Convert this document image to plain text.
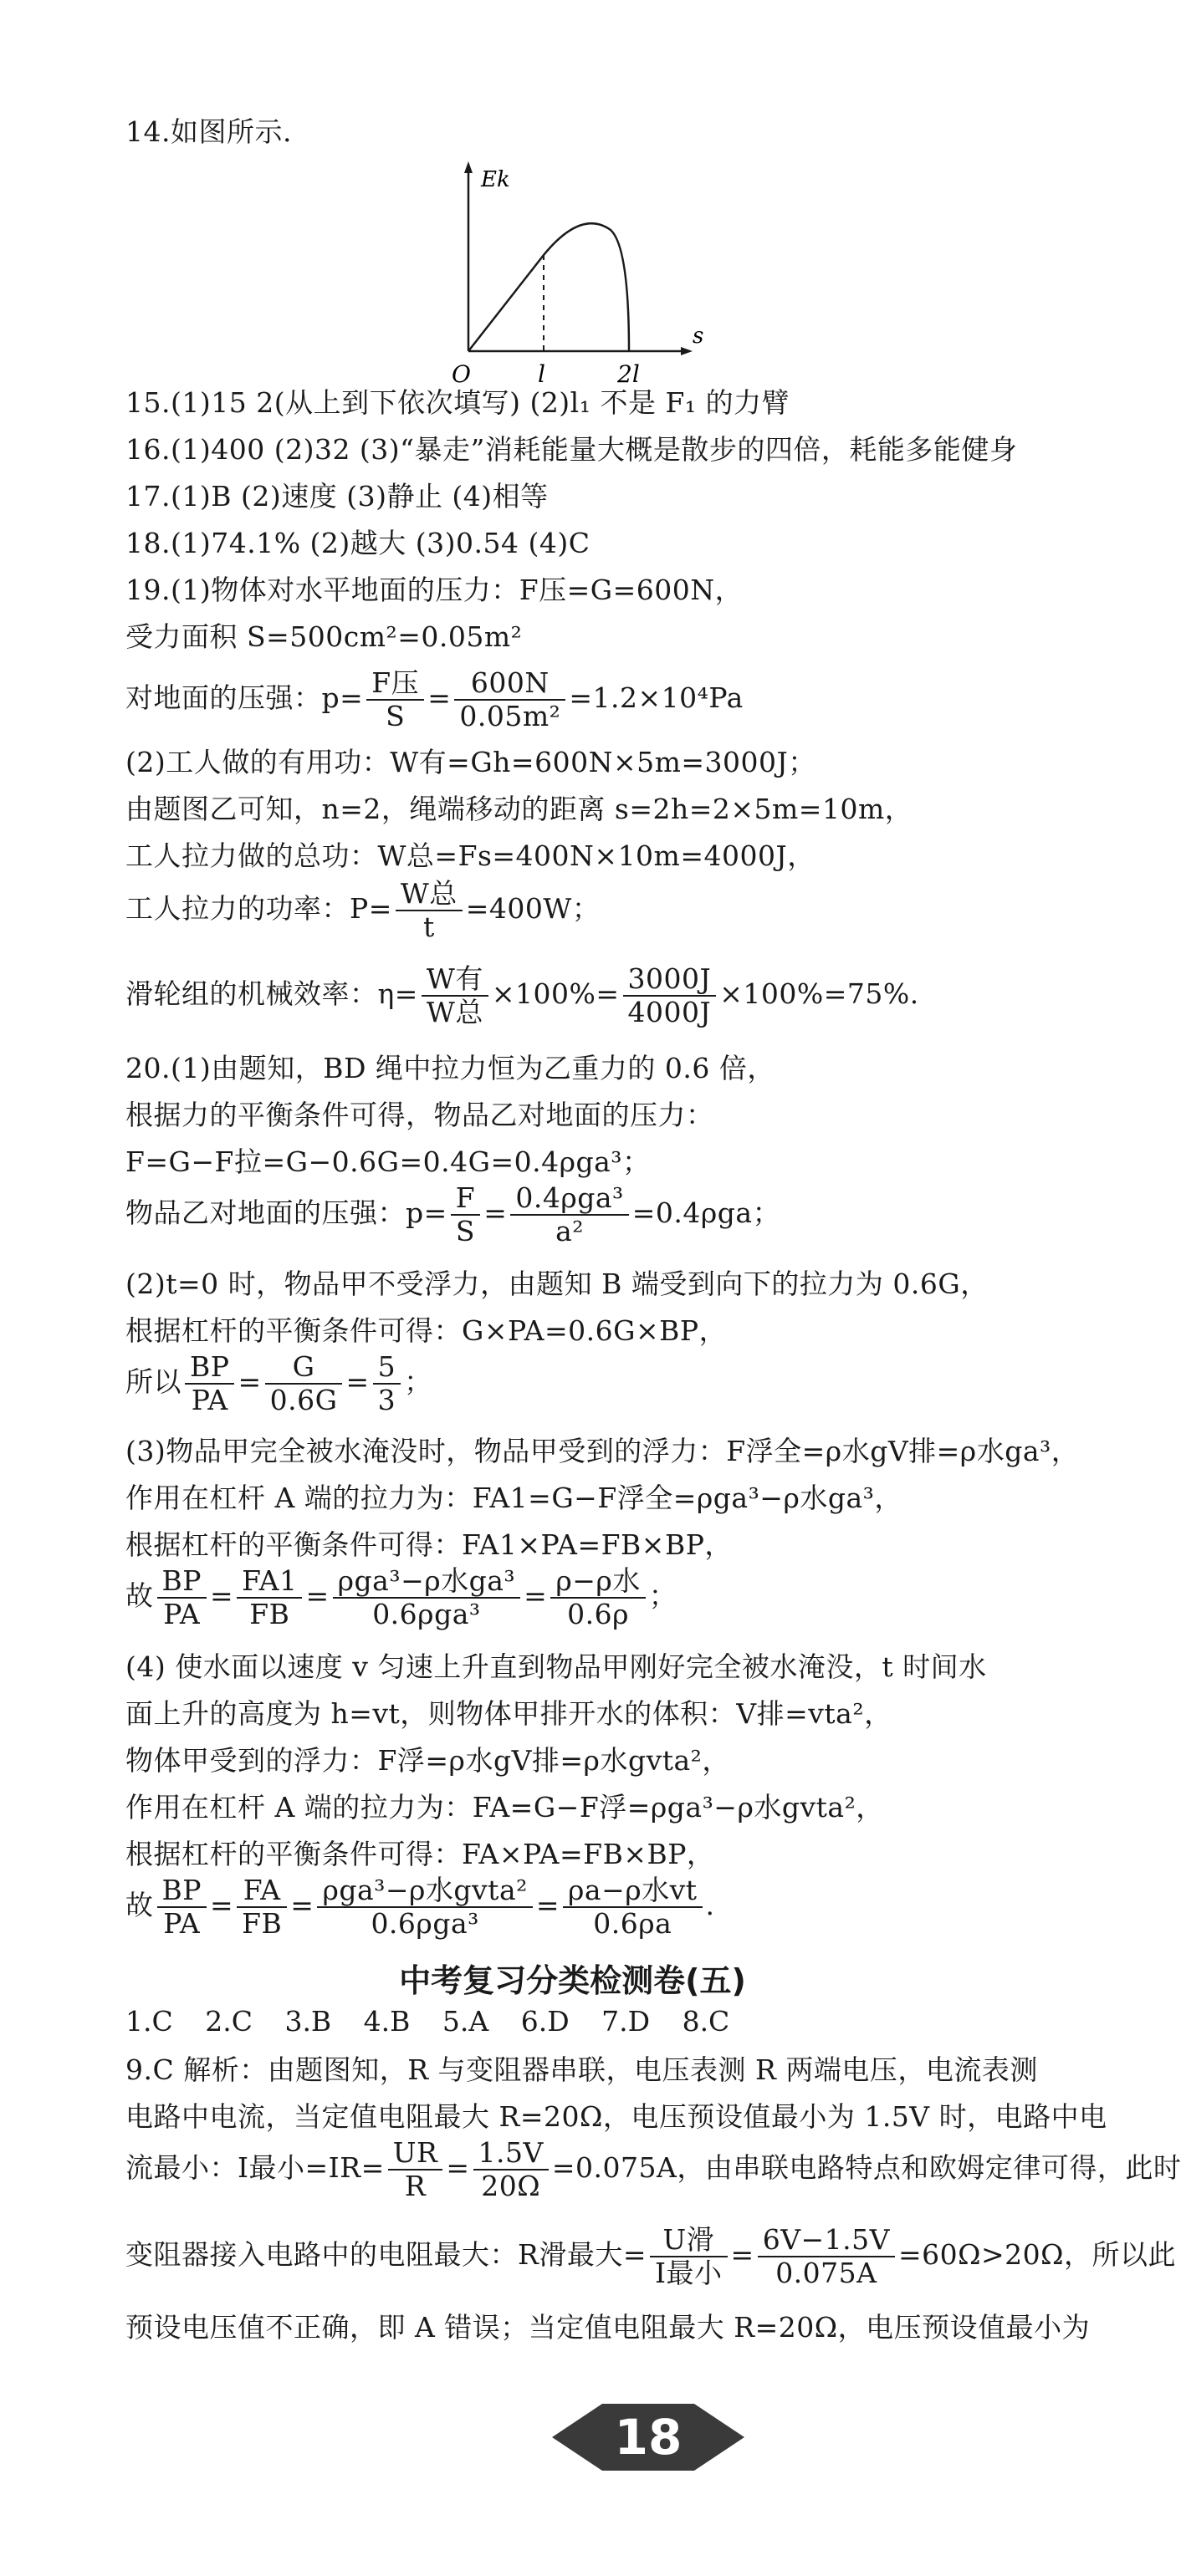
14.如图所示.
Ek
s
O	l	2l
15.(1)15 2(从上到下依次填写) (2)l₁ 不是 F₁ 的力臂
16.(1)400 (2)32 (3)“暴走”消耗能量大概是散步的四倍，耗能多能健身
17.(1)B (2)速度 (3)静止 (4)相等
18.(1)74.1% (2)越大 (3)0.54 (4)C
19.(1)物体对水平地面的压力：F压=G=600N，
受力面积 S=500cm²=0.05m²
对地面的压强：$p= \frac{\text{F压}}{S} = \frac{600N}{\text{0.05m²}} =1.2\times 10^4Pa$
(2)工人做的有用功：W有=Gh=600N×5m=3000J；
由题图乙可知，n=2，绳端移动的距离 s=2h=2×5m=10m，
工人拉力做的总功：W总=Fs=400N×10m=4000J，
工人拉力的功率：$P= \frac{\text{W总}}{t} =400W$；
滑轮组的机械效率：$\eta= \frac{\text{W有}}{\text{W总}} \times 100\%= \frac{3000J}{4000J} \times 100\%=75\%$.
20.(1)由题知，BD 绳中拉力恒为乙重力的 0.6 倍，
根据力的平衡条件可得，物品乙对地面的压力：
F=G−F拉=G−0.6G=0.4G=0.4ρga³；
物品乙对地面的压强：$p= \frac{F}{S} = \frac{\text{0.4ρga³}}{\text{a²}} =0.4\rho ga$；
(2)t=0 时，物品甲不受浮力，由题知 B 端受到向下的拉力为 0.6G，
根据杠杆的平衡条件可得：G×PA=0.6G×BP，
所以 $\frac{BP}{PA} = \frac{G}{0.6G} = \frac{5}{3}$ ；
(3)物品甲完全被水淹没时，物品甲受到的浮力：F浮全=ρ水gV排=ρ水ga³，
作用在杠杆 A 端的拉力为：FA1=G−F浮全=ρga³−ρ水ga³，
根据杠杆的平衡条件可得：FA1×PA=FB×BP，
故 $\frac{BP}{PA} = \frac{FA1}{FB} = \frac{\text{ρga³−ρ水ga³}}{\text{0.6ρga³}} = \frac{\text{ρ−ρ水}}{0.6\rho}$ ；
(4) 使水面以速度 v 匀速上升直到物品甲刚好完全被水淹没，t 时间水
面上升的高度为 h=vt，则物体甲排开水的体积：V排=vta²，
物体甲受到的浮力：F浮=ρ水gV排=ρ水gvta²，
作用在杠杆 A 端的拉力为：FA=G−F浮=ρga³−ρ水gvta²，
根据杠杆的平衡条件可得：FA×PA=FB×BP，
故 $\frac{BP}{PA} = \frac{FA}{FB} = \frac{\text{ρga³−ρ水gvta²}}{\text{0.6ρga³}} = \frac{\text{ρa−ρ水vt}}{0.6\rho a}$ .
中考复习分类检测卷(五)
1.C 2.C 3.B 4.B 5.A 6.D 7.D 8.C
9.C 解析：由题图知，R 与变阻器串联，电压表测 R 两端电压，电流表测
电路中电流，当定值电阻最大 R=20Ω，电压预设值最小为 1.5V 时，电路中电
流最小：I最小$=IR= \frac{UR}{R} = \frac{1.5V}{20\Omega} =0.075A$，由串联电路特点和欧姆定律可得，此时
变阻器接入电路中的电阻最大：R滑最大= $\frac{\text{U滑}}{\text{I最小}} = \frac{6V-1.5V}{0.075A} =60\Omega>20\Omega$，所以此
预设电压值不正确，即 A 错误；当定值电阻最大 R=20Ω，电压预设值最小为
18
